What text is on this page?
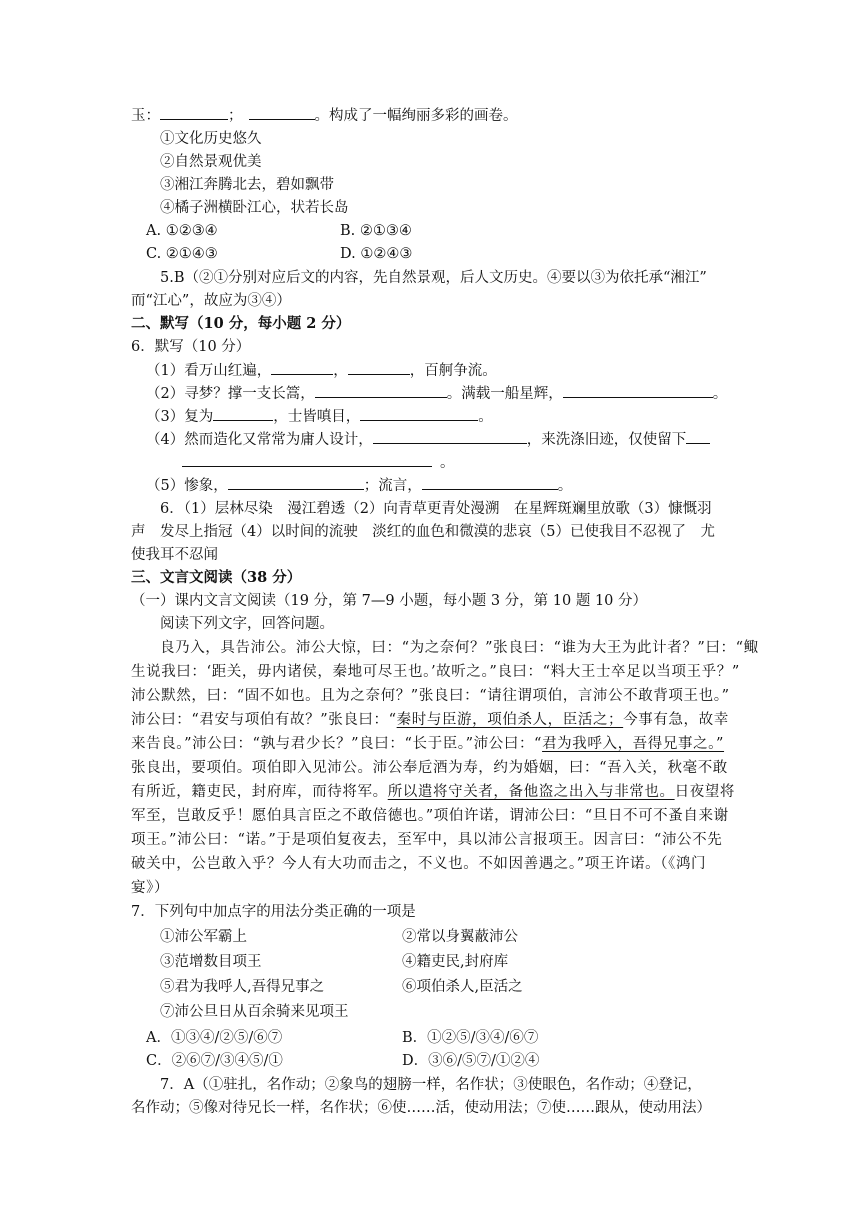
玉：	；	。构成了一幅绚丽多彩的画卷。
①文化历史悠久
②自然景观优美
③湘江奔腾北去，碧如飘带
④橘子洲横卧江心，状若长岛
A. ①②③④	B. ②①③④
C. ②①④③	D. ①②④③
5.B（②①分别对应后文的内容，先自然景观，后人文历史。④要以③为依托承“湘江”
而“江心”，故应为③④）
二、默写（10 分，每小题 2 分）
6．默写（10 分）
（1）看万山红遍，	，	，百舸争流。
（2）寻梦？撑一支长篙，	。满载一船星辉，	。
（3）复为	，士皆嗔目，	。
（4）然而造化又常常为庸人设计，	，来洗涤旧迹，仅使留下
。
（5）惨象，	；流言，	。
6．（1）层林尽染　漫江碧透（2）向青草更青处漫溯　在星辉斑斓里放歌（3）慷慨羽
声　发尽上指冠（4）以时间的流驶　淡红的血色和微漠的悲哀（5）已使我目不忍视了　尤
使我耳不忍闻
三、文言文阅读（38 分）
（一）课内文言文阅读（19 分，第 7—9 小题，每小题 3 分，第 10 题 10 分）
阅读下列文字，回答问题。
良乃入，具告沛公。沛公大惊，曰：“为之奈何？”张良曰：“谁为大王为此计者？”曰：“鲰
生说我曰：‘距关，毋内诸侯，秦地可尽王也。’故听之。”良曰：“料大王士卒足以当项王乎？”
沛公默然，曰：“固不如也。且为之奈何？”张良曰：“请往谓项伯，言沛公不敢背项王也。”
沛公曰：“君安与项伯有故？”张良曰：“秦时与臣游，项伯杀人，臣活之；今事有急，故幸
来告良。”沛公曰：“孰与君少长？”良曰：“长于臣。”沛公曰：“君为我呼入，吾得兄事之。”
张良出，要项伯。项伯即入见沛公。沛公奉卮酒为寿，约为婚姻，曰：“吾入关，秋毫不敢
有所近，籍吏民，封府库，而待将军。所以遣将守关者，备他盗之出入与非常也。日夜望将
军至，岂敢反乎！愿伯具言臣之不敢倍德也。”项伯许诺，谓沛公曰：“旦日不可不蚤自来谢
项王。”沛公曰：“诺。”于是项伯复夜去，至军中，具以沛公言报项王。因言曰：“沛公不先
破关中，公岂敢入乎？今人有大功而击之，不义也。不如因善遇之。”项王许诺。（《鸿门
宴》）
7．下列句中加点字的用法分类正确的一项是
①沛公军霸上	②常以身翼蔽沛公
③范增数目项王	④籍吏民,封府库
⑤君为我呼人,吾得兄事之	⑥项伯杀人,臣活之
⑦沛公旦日从百余骑来见项王
A．①③④/②⑤/⑥⑦	B．①②⑤/③④/⑥⑦
C．②⑥⑦/③④⑤/①	D．③⑥/⑤⑦/①②④
7．A（①驻扎，名作动；②象鸟的翅膀一样，名作状；③使眼色，名作动；④登记，
名作动；⑤像对待兄长一样，名作状；⑥使……活，使动用法；⑦使……跟从，使动用法）
